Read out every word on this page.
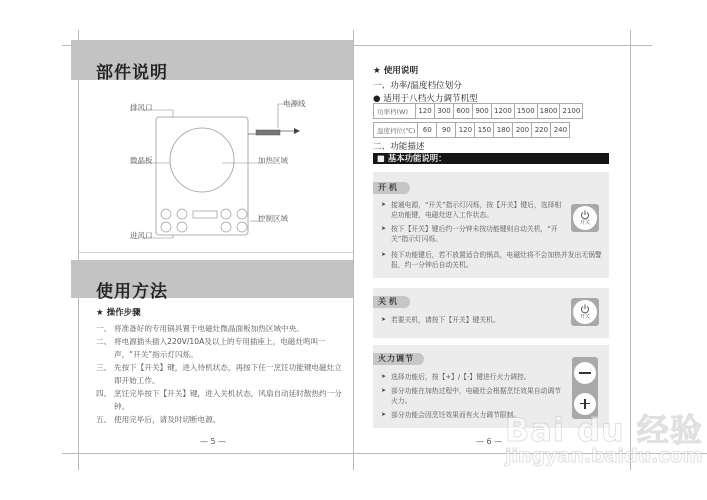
部件说明
排风口	电源线
微晶板	加热区域
控制区域
进风口
使用方法
★ 操作步骤
一、 将准备好的专用锅具置于电磁灶微晶面板加热区域中央。
二、 将电源插头插入220V/10A及以上的专用插座上，电磁灶鸣叫一声，“开关”指示灯闪烁。
三、 先按下【开关】键，进入待机状态，再按下任一烹饪功能键电磁灶立即开始工作。
四、 烹饪完毕按下【开关】键，进入关机状态，风扇自动延时散热约一分钟。
五、 使用完毕后，请及时切断电源。
— 5 —
★ 使用说明
一、功率/温度档位划分
● 适用于八档火力调节机型
功率档(W)	120	300	600	900	1200	1500	1800	2100
温度档位(℃)	60	90	120	150	180	200	220	240
二、功能描述
■ 基本功能说明：
开机
➤ 接通电源，“开关”指示灯闪烁，按【开关】键后，选择相应功能键，电磁灶进入工作状态。
➤ 按下【开关】键后约一分钟未按功能键则自动关机，“开关”指示灯闪烁。
➤ 按下功能键后，若不放置适合的锅具，电磁灶将不会加热并发出无锅警报，约一分钟后自动关机。
开关
关机
➤ 若要关机，请按下【开关】键关机。	开关
火力调节
➤ 选择功能后，按【+】/【-】键进行火力调控。
➤ 部分功能在加热过程中，电磁灶会根据烹饪效果自动调节火力。
➤ 部分功能会因烹饪效果而有火力调节限制。
— 6 — Bai du 经验
jingyan.baidu.com
